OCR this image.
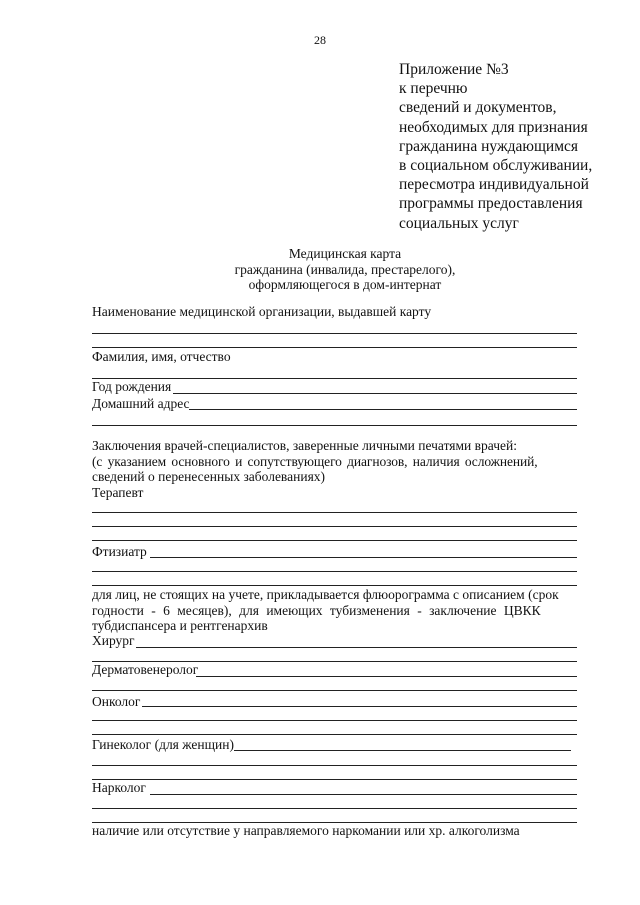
28
Приложение №3
к перечню
сведений и документов,
необходимых для признания
гражданина нуждающимся
в социальном обслуживании,
пересмотра индивидуальной
программы предоставления
социальных услуг
Медицинская карта
гражданина (инвалида, престарелого),
оформляющегося в дом-интернат
Наименование медицинской организации, выдавшей карту
Фамилия, имя, отчество
Год рождения
Домашний адрес
Заключения врачей-специалистов, заверенные личными печатями врачей:
(с указанием основного и сопутствующего диагнозов, наличия осложнений,
сведений о перенесенных заболеваниях)
Терапевт
Фтизиатр
для лиц, не стоящих на учете, прикладывается флюорограмма с описанием (срок
годности - 6 месяцев), для имеющих тубизменения - заключение ЦВКК
тубдиспансера и рентгенархив
Хирург
Дерматовенеролог
Онколог
Гинеколог (для женщин)
Нарколог
наличие или отсутствие у направляемого наркомании или хр. алкоголизма
